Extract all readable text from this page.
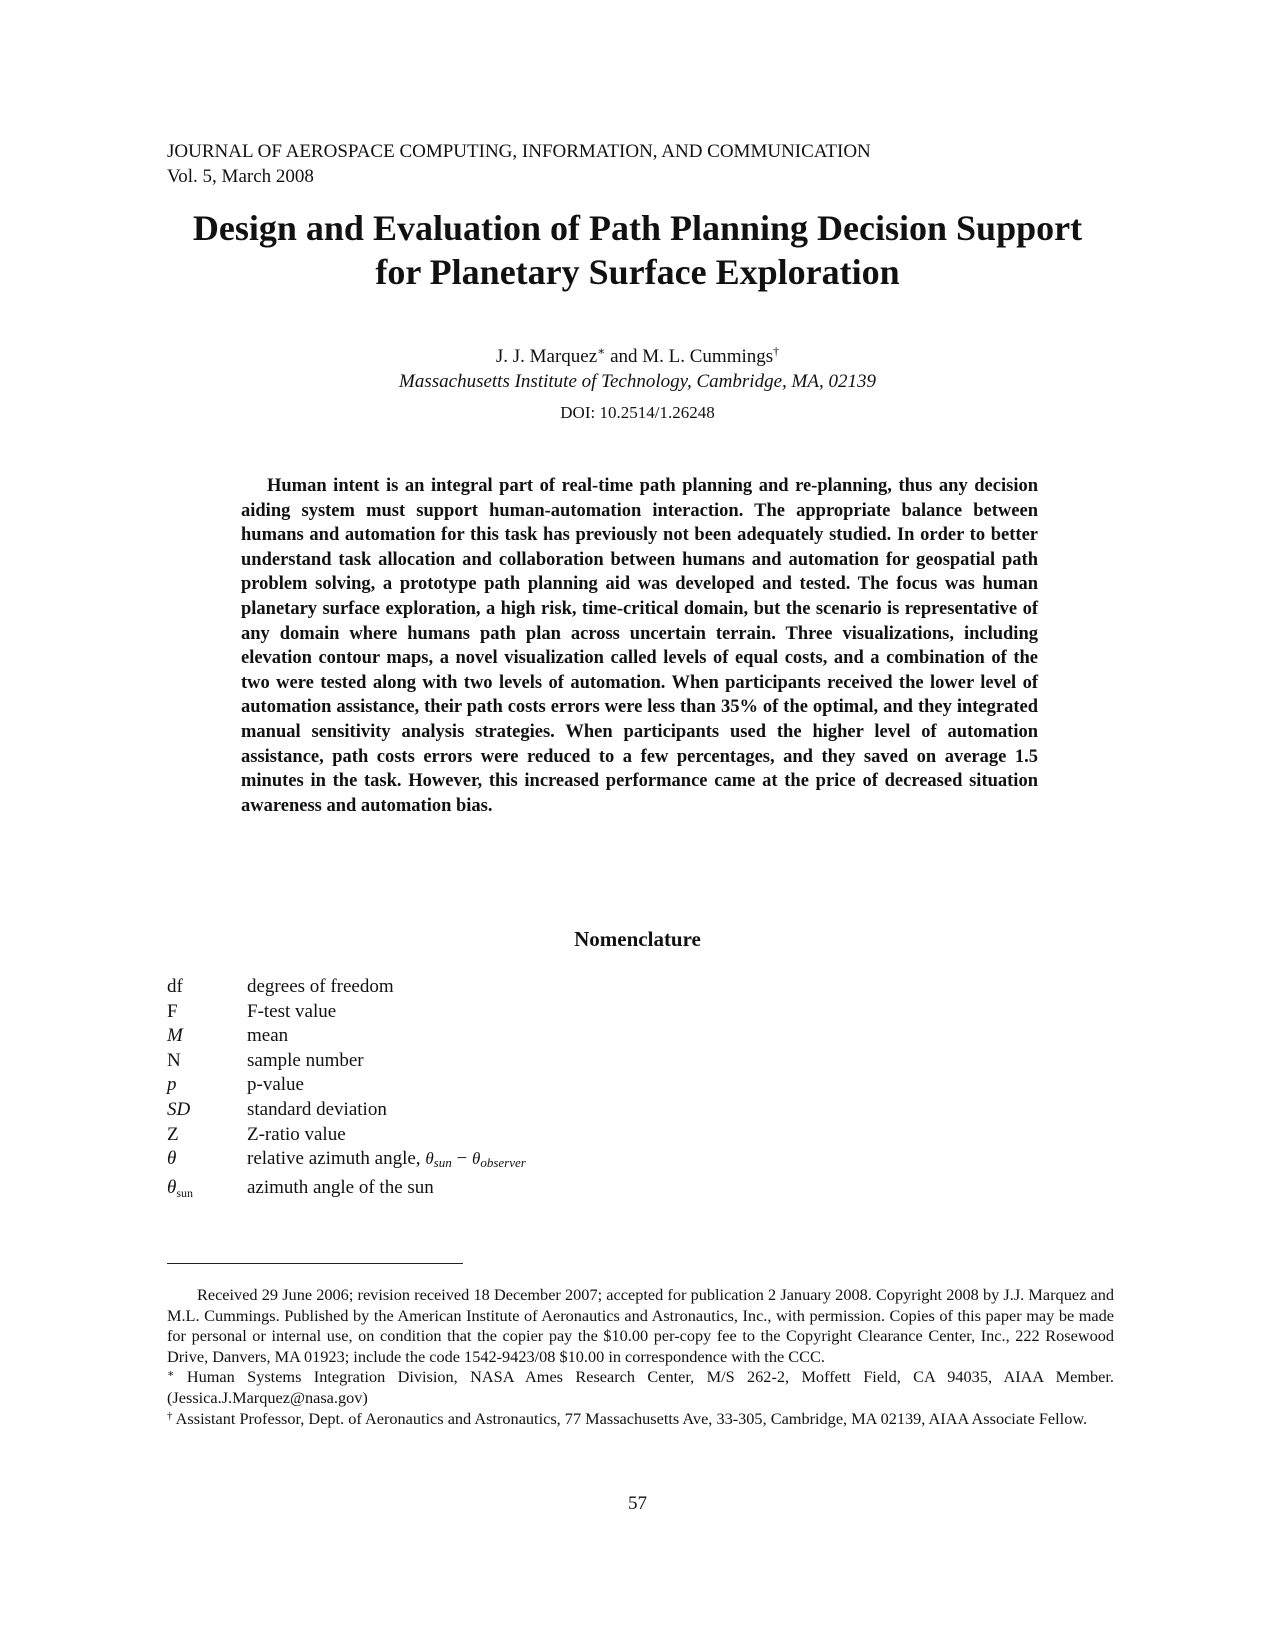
JOURNAL OF AEROSPACE COMPUTING, INFORMATION, AND COMMUNICATION
Vol. 5, March 2008
Design and Evaluation of Path Planning Decision Support
for Planetary Surface Exploration
J. J. Marquez∗ and M. L. Cummings†
Massachusetts Institute of Technology, Cambridge, MA, 02139
DOI: 10.2514/1.26248

Human intent is an integral part of real-time path planning and re-planning, thus any decision aiding system must support human-automation interaction. The appropriate balance between humans and automation for this task has previously not been adequately studied. In order to better understand task allocation and collaboration between humans and automation for geospatial path problem solving, a prototype path planning aid was developed and tested. The focus was human planetary surface exploration, a high risk, time-critical domain, but the scenario is representative of any domain where humans path plan across uncertain terrain. Three visualizations, including elevation contour maps, a novel visualization called levels of equal costs, and a combination of the two were tested along with two levels of automation. When participants received the lower level of automation assistance, their path costs errors were less than 35% of the optimal, and they integrated manual sensitivity analysis strategies. When participants used the higher level of automation assistance, path costs errors were reduced to a few percentages, and they saved on average 1.5 minutes in the task. However, this increased performance came at the price of decreased situation awareness and automation bias.

Nomenclature
df	degrees of freedom
F	F-test value
M	mean
N	sample number
p	p-value
SD	standard deviation
Z	Z-ratio value
θ	relative azimuth angle, $\theta_{sun} - \theta_{observer}$
$\theta_{sun}$	azimuth angle of the sun

Received 29 June 2006; revision received 18 December 2007; accepted for publication 2 January 2008. Copyright 2008 by J.J. Marquez and M.L. Cummings. Published by the American Institute of Aeronautics and Astronautics, Inc., with permission. Copies of this paper may be made for personal or internal use, on condition that the copier pay the $10.00 per-copy fee to the Copyright Clearance Center, Inc., 222 Rosewood Drive, Danvers, MA 01923; include the code 1542-9423/08 $10.00 in correspondence with the CCC.

∗ Human Systems Integration Division, NASA Ames Research Center, M/S 262-2, Moffett Field, CA 94035, AIAA Member. (Jessica.J.Marquez@nasa.gov)

† Assistant Professor, Dept. of Aeronautics and Astronautics, 77 Massachusetts Ave, 33-305, Cambridge, MA 02139, AIAA Associate Fellow.

57
